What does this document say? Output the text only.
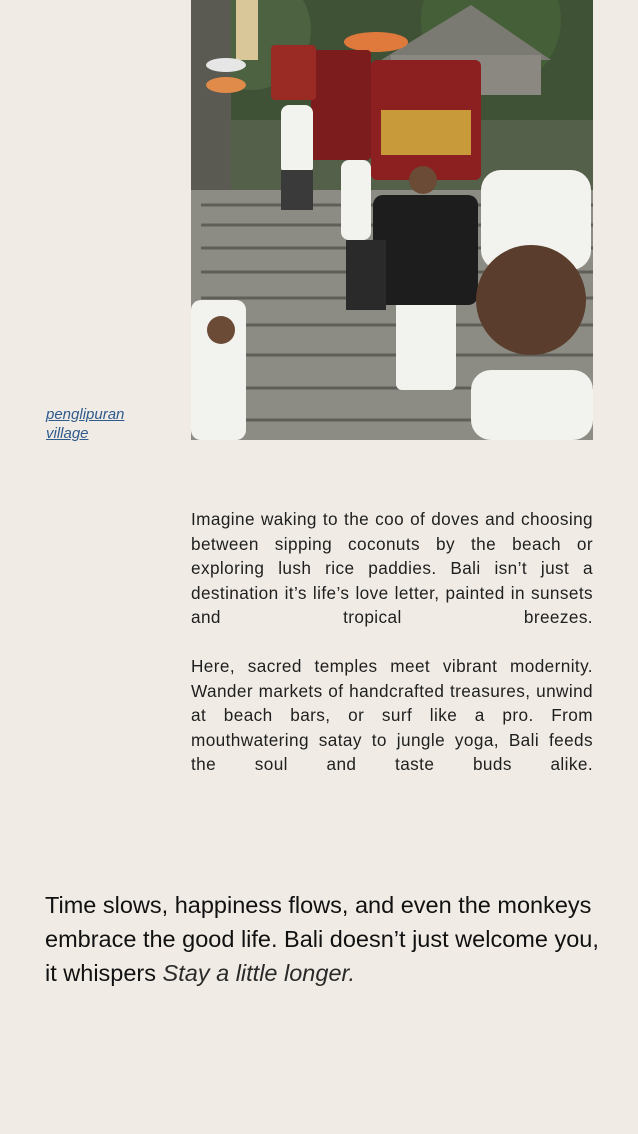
penglipuran village

Imagine waking to the coo of doves and choosing between sipping coconuts by the beach or exploring lush rice paddies. Bali isn’t just a destination it’s life’s love letter, painted in sunsets and tropical breezes.

Here, sacred temples meet vibrant modernity. Wander markets of handcrafted treasures, unwind at beach bars, or surf like a pro. From mouthwatering satay to jungle yoga, Bali feeds the soul and taste buds alike.

Time slows, happiness flows, and even the monkeys embrace the good life. Bali doesn’t just welcome you, it whispers Stay a little longer.
